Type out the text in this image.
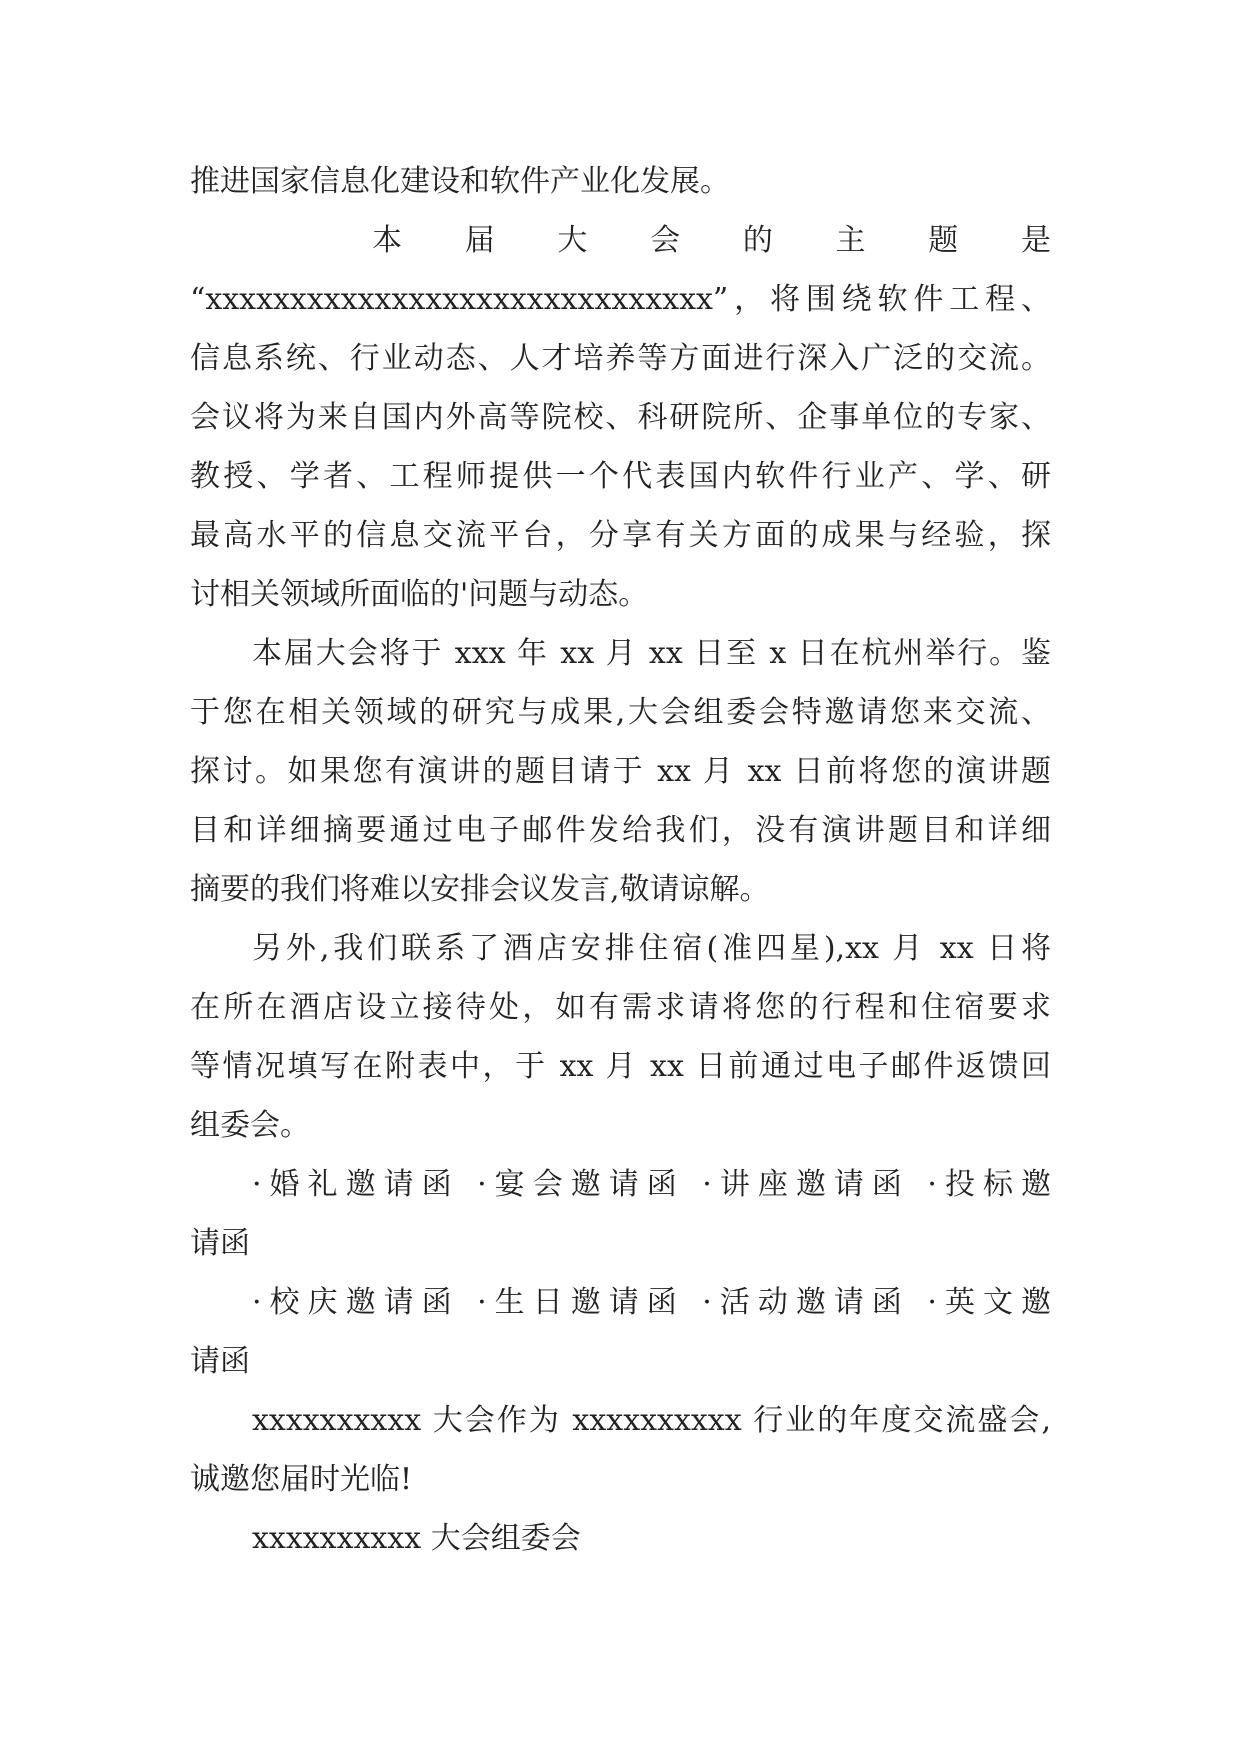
推进国家信息化建设和软件产业化发展。
本 届 大 会 的 主 题 是
“xxxxxxxxxxxxxxxxxxxxxxxxxxxxxx”，将围绕软件工程、
信息系统、行业动态、人才培养等方面进行深入广泛的交流。
会议将为来自国内外高等院校、科研院所、企事单位的专家、
教授、学者、工程师提供一个代表国内软件行业产、学、研
最高水平的信息交流平台，分享有关方面的成果与经验，探
讨相关领域所面临的'问题与动态。
本届大会将于 xxx 年 xx 月 xx 日至 x 日在杭州举行。鉴
于您在相关领域的研究与成果,大会组委会特邀请您来交流、
探讨。如果您有演讲的题目请于 xx 月 xx 日前将您的演讲题
目和详细摘要通过电子邮件发给我们，没有演讲题目和详细
摘要的我们将难以安排会议发言,敬请谅解。
另外,我们联系了酒店安排住宿(准四星),xx 月 xx 日将
在所在酒店设立接待处，如有需求请将您的行程和住宿要求
等情况填写在附表中，于 xx 月 xx 日前通过电子邮件返馈回
组委会。
·婚礼邀请函 ·宴会邀请函 ·讲座邀请函 ·投标邀
请函
·校庆邀请函 ·生日邀请函 ·活动邀请函 ·英文邀
请函
xxxxxxxxxx 大会作为 xxxxxxxxxx 行业的年度交流盛会,
诚邀您届时光临!
xxxxxxxxxx 大会组委会
